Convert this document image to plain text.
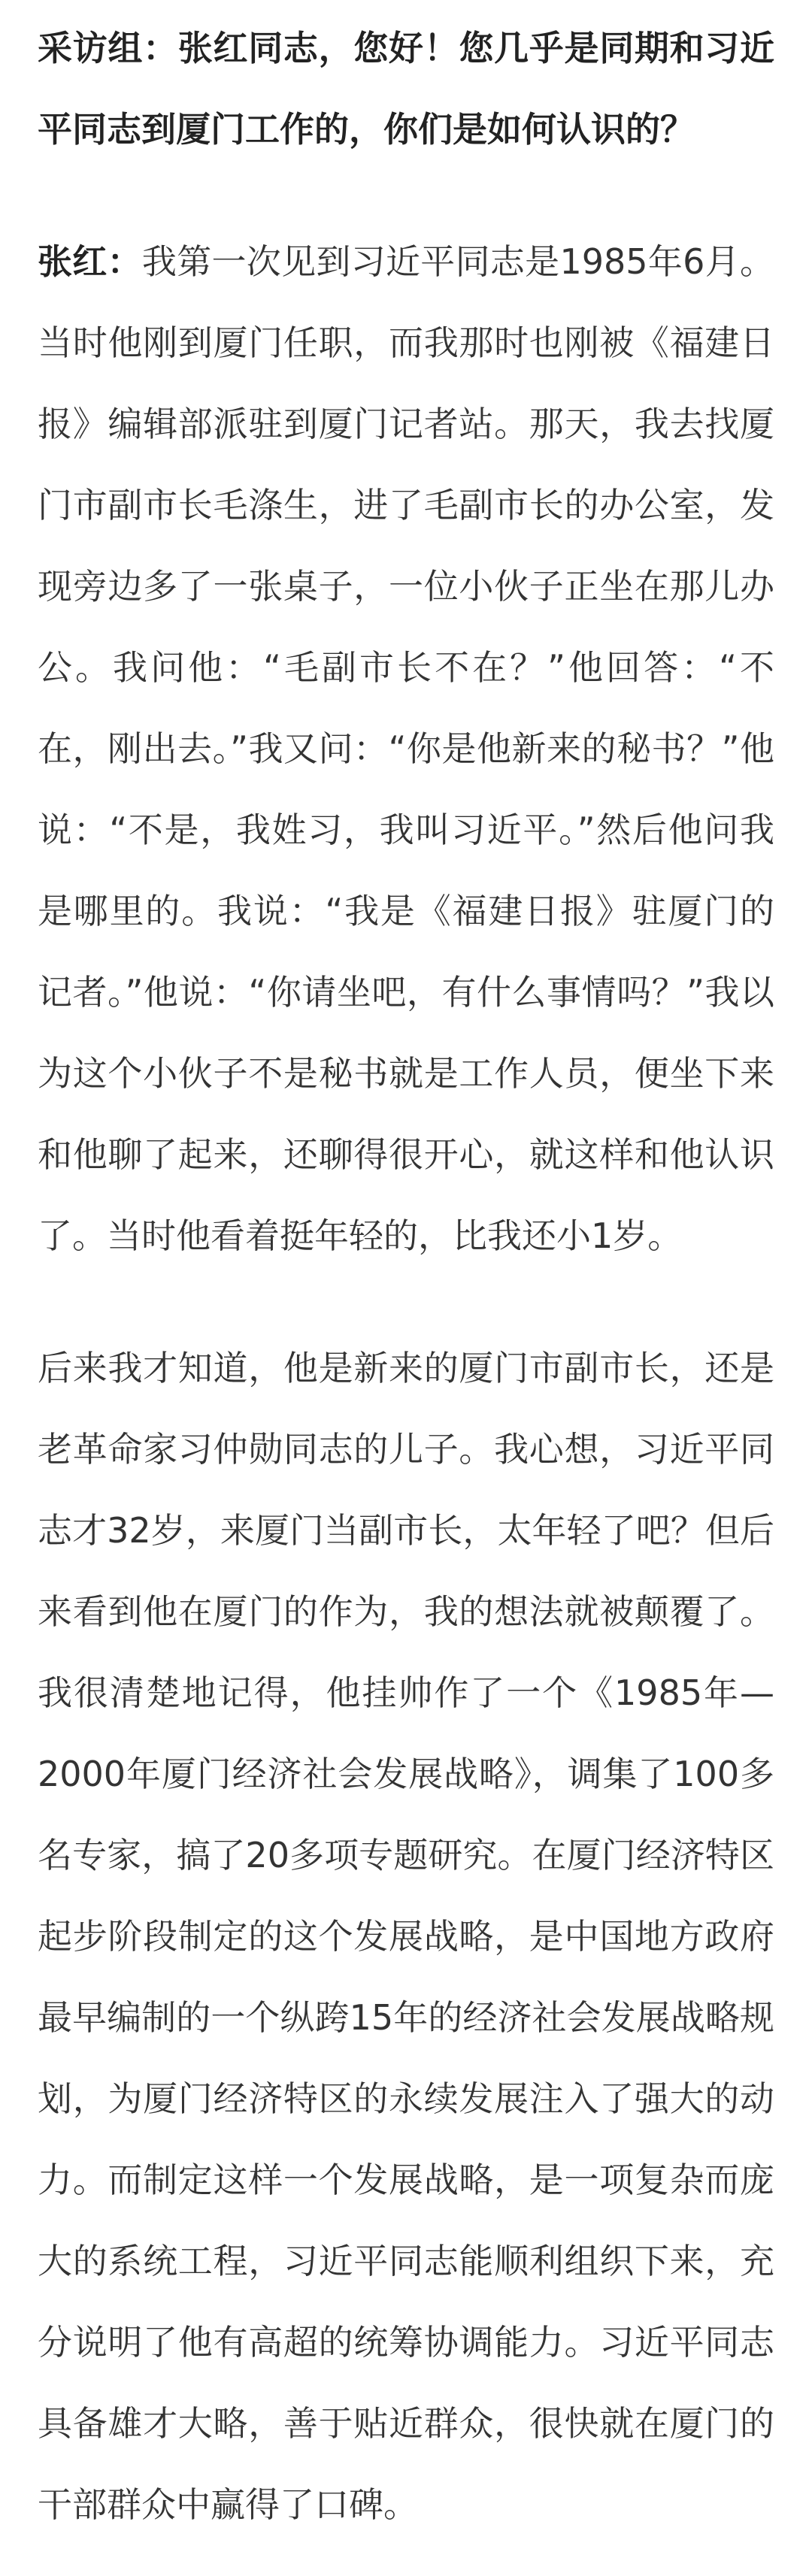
采访组：张红同志，您好！您几乎是同期和习近平同志到厦门工作的，你们是如何认识的？

张红：我第一次见到习近平同志是1985年6月。当时他刚到厦门任职，而我那时也刚被《福建日报》编辑部派驻到厦门记者站。那天，我去找厦门市副市长毛涤生，进了毛副市长的办公室，发现旁边多了一张桌子，一位小伙子正坐在那儿办公。我问他：“毛副市长不在？”他回答：“不在，刚出去。”我又问：“你是他新来的秘书？”他说：“不是，我姓习，我叫习近平。”然后他问我是哪里的。我说：“我是《福建日报》驻厦门的记者。”他说：“你请坐吧，有什么事情吗？”我以为这个小伙子不是秘书就是工作人员，便坐下来和他聊了起来，还聊得很开心，就这样和他认识了。当时他看着挺年轻的，比我还小1岁。

后来我才知道，他是新来的厦门市副市长，还是老革命家习仲勋同志的儿子。我心想，习近平同志才32岁，来厦门当副市长，太年轻了吧？但后来看到他在厦门的作为，我的想法就被颠覆了。我很清楚地记得，他挂帅作了一个《1985年—2000年厦门经济社会发展战略》，调集了100多名专家，搞了20多项专题研究。在厦门经济特区起步阶段制定的这个发展战略，是中国地方政府最早编制的一个纵跨15年的经济社会发展战略规划，为厦门经济特区的永续发展注入了强大的动力。而制定这样一个发展战略，是一项复杂而庞大的系统工程，习近平同志能顺利组织下来，充分说明了他有高超的统筹协调能力。习近平同志具备雄才大略，善于贴近群众，很快就在厦门的干部群众中赢得了口碑。
